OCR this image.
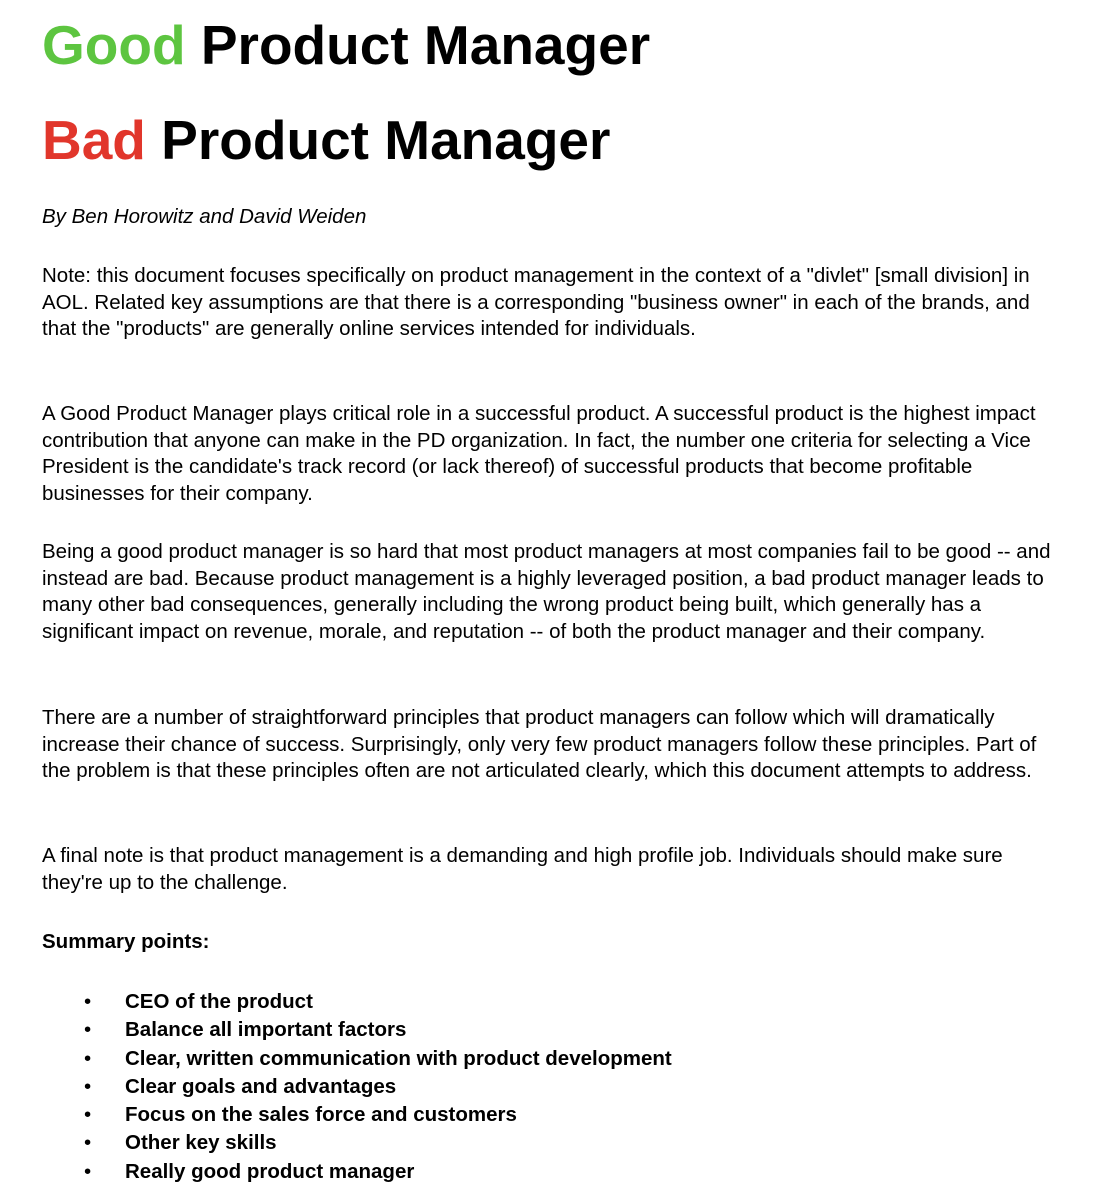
Good Product Manager
Bad Product Manager
By Ben Horowitz and David Weiden

Note: this document focuses specifically on product management in the context of a "divlet" [small division] in AOL. Related key assumptions are that there is a corresponding "business owner" in each of the brands, and that the "products" are generally online services intended for individuals.

A Good Product Manager plays critical role in a successful product. A successful product is the highest impact contribution that anyone can make in the PD organization. In fact, the number one criteria for selecting a Vice President is the candidate's track record (or lack thereof) of successful products that become profitable businesses for their company.

Being a good product manager is so hard that most product managers at most companies fail to be good -- and instead are bad. Because product management is a highly leveraged position, a bad product manager leads to many other bad consequences, generally including the wrong product being built, which generally has a significant impact on revenue, morale, and reputation -- of both the product manager and their company.

There are a number of straightforward principles that product managers can follow which will dramatically increase their chance of success. Surprisingly, only very few product managers follow these principles. Part of the problem is that these principles often are not articulated clearly, which this document attempts to address.

A final note is that product management is a demanding and high profile job. Individuals should make sure they're up to the challenge.

Summary points:
• CEO of the product
• Balance all important factors
• Clear, written communication with product development
• Clear goals and advantages
• Focus on the sales force and customers
• Other key skills
• Really good product manager
